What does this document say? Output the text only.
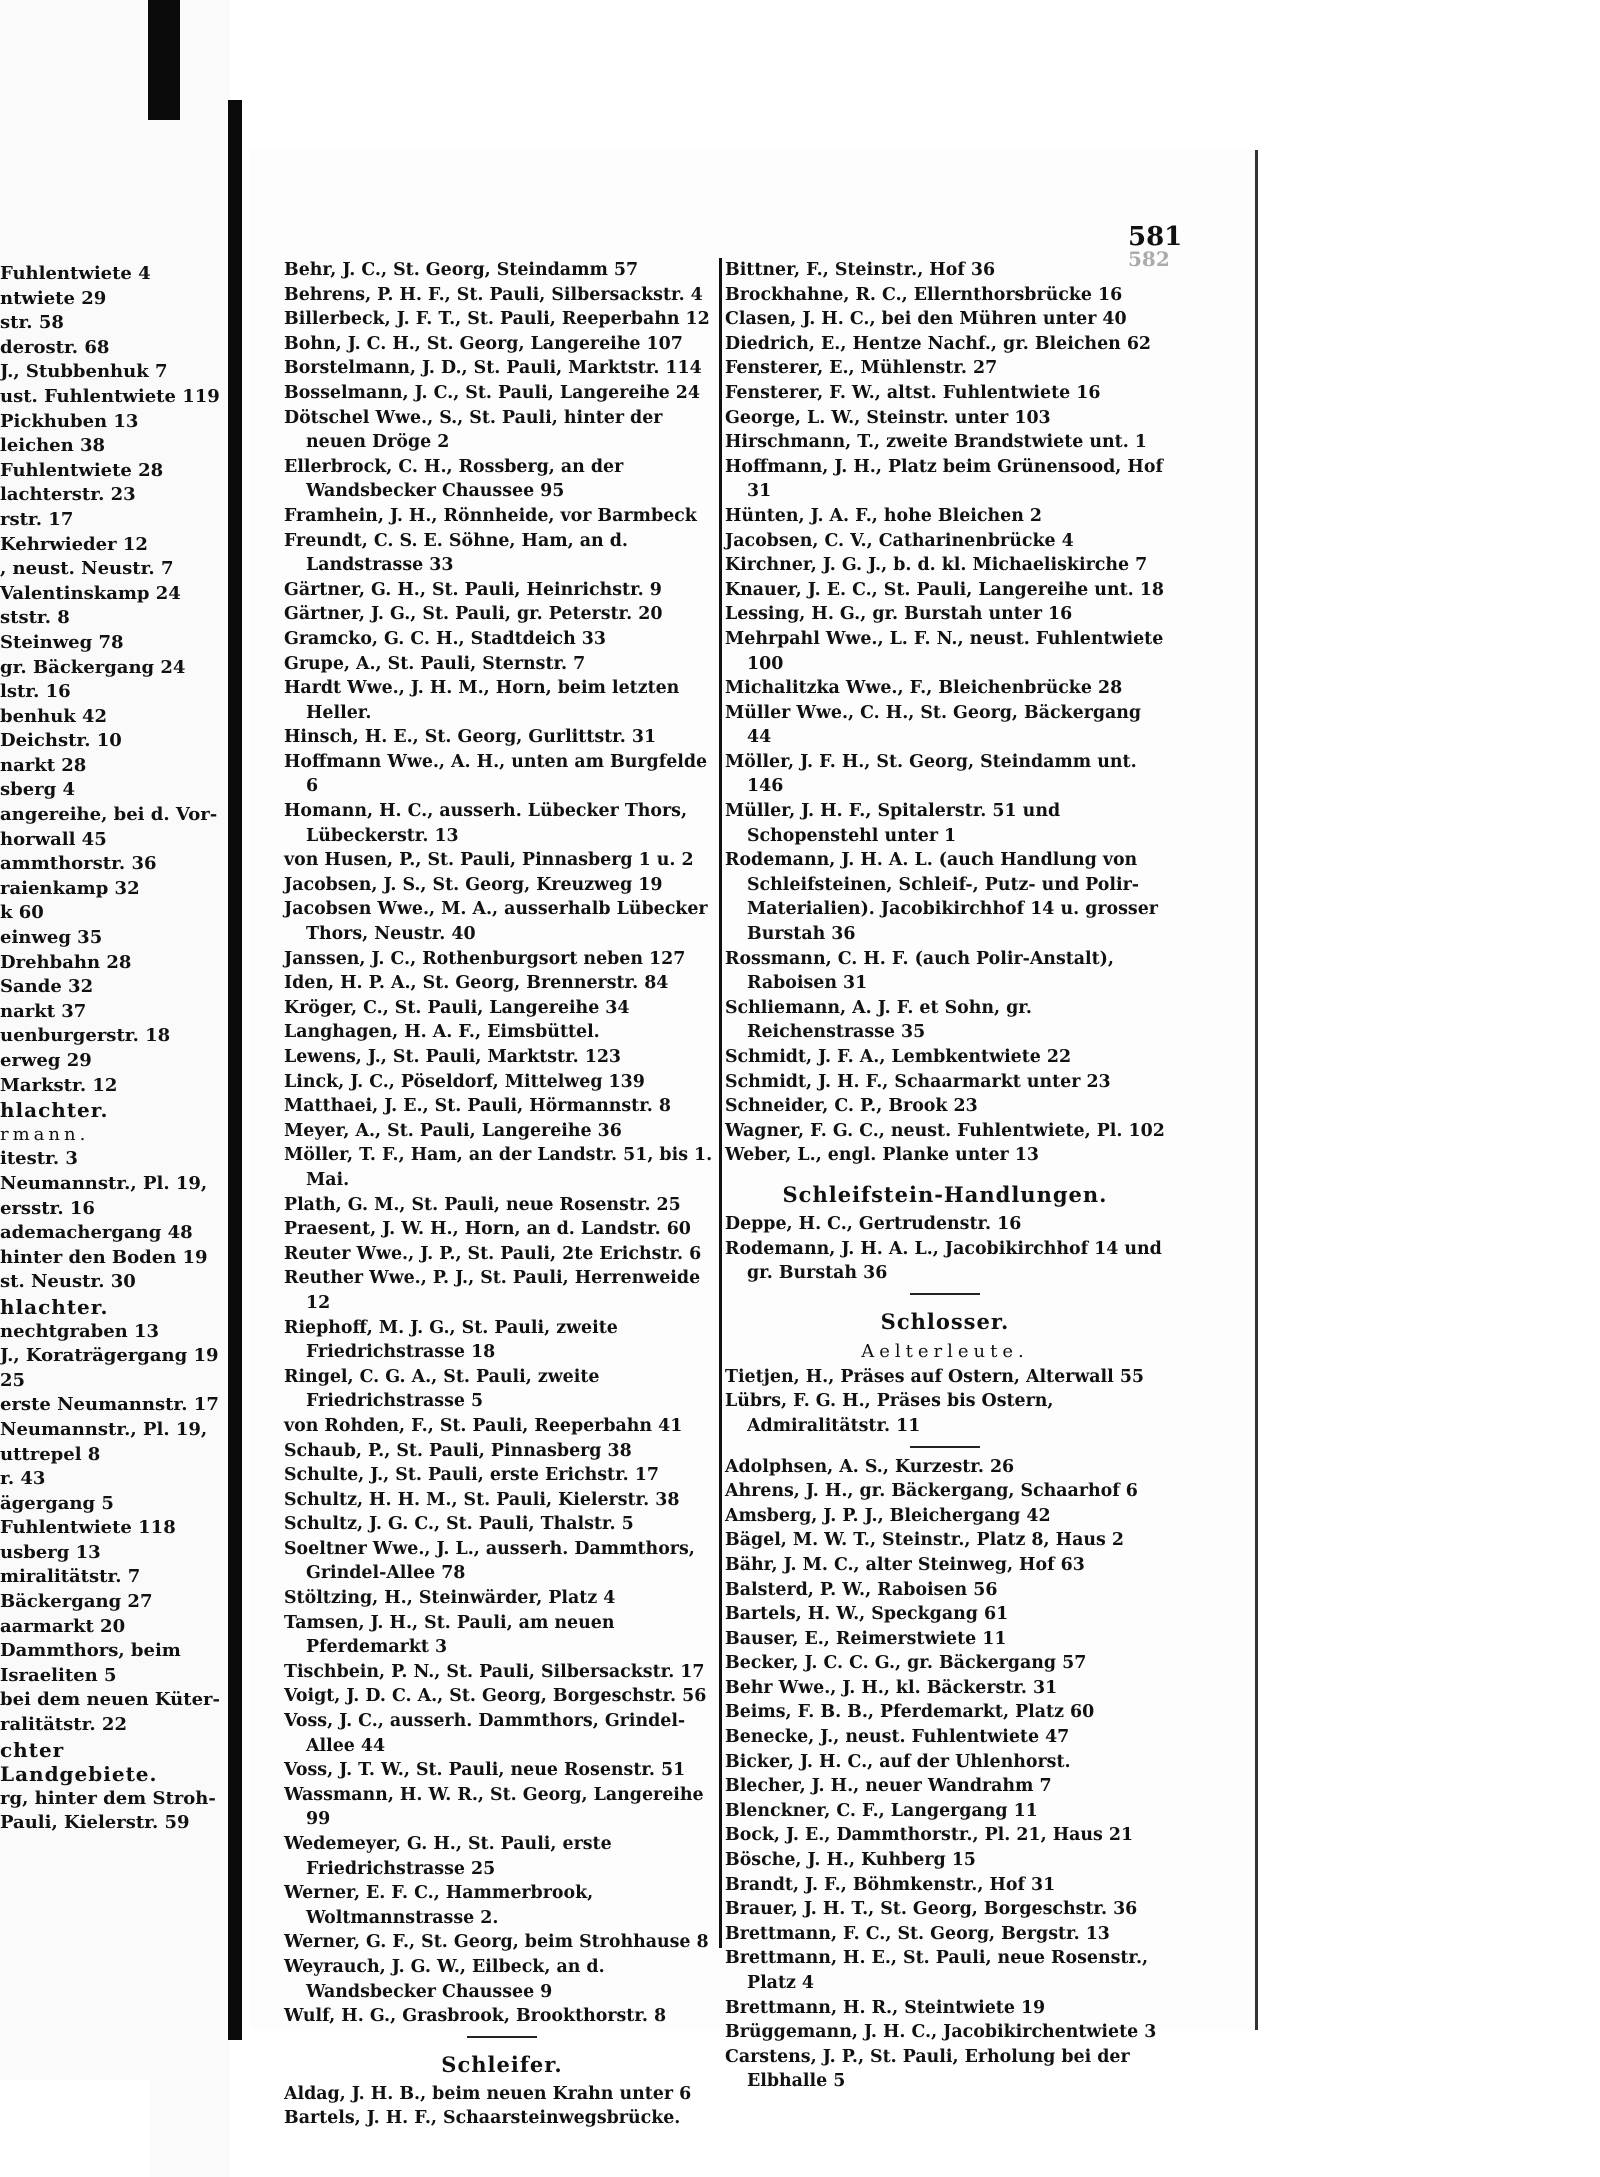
Fuhlentwiete 4
ntwiete 29
str. 58
derostr. 68
J., Stubbenhuk 7
ust. Fuhlentwiete 119
Pickhuben 13
leichen 38
Fuhlentwiete 28
lachterstr. 23
rstr. 17
Kehrwieder 12
, neust. Neustr. 7
Valentinskamp 24
ststr. 8
Steinweg 78
gr. Bäckergang 24
lstr. 16
benhuk 42
Deichstr. 10
narkt 28
sberg 4
angereihe, bei d. Vor-
horwall 45
ammthorstr. 36
raienkamp 32
k 60
einweg 35
Drehbahn 28
Sande 32
narkt 37
uenburgerstr. 18
erweg 29
Markstr. 12
hlachter.
rmann.
itestr. 3
Neumannstr., Pl. 19,
ersstr. 16
ademachergang 48
hinter den Boden 19
st. Neustr. 30
hlachter.
nechtgraben 13
J., Koraträgergang 19
25
erste Neumannstr. 17
Neumannstr., Pl. 19,
uttrepel 8
r. 43
ägergang 5
Fuhlentwiete 118
usberg 13
miralitätstr. 7
Bäckergang 27
aarmarkt 20
Dammthors, beim
Israeliten 5
bei dem neuen Küter-
ralitätstr. 22
chter
Landgebiete.
rg, hinter dem Stroh-
Pauli, Kielerstr. 59
581
582
Behr, J. C., St. Georg, Steindamm 57
Behrens, P. H. F., St. Pauli, Silbersackstr. 4
Billerbeck, J. F. T., St. Pauli, Reeperbahn 12
Bohn, J. C. H., St. Georg, Langereihe 107
Borstelmann, J. D., St. Pauli, Marktstr. 114
Bosselmann, J. C., St. Pauli, Langereihe 24
Dötschel Wwe., S., St. Pauli, hinter der neuen Dröge 2
Ellerbrock, C. H., Rossberg, an der Wandsbecker Chaussee 95
Framhein, J. H., Rönnheide, vor Barmbeck
Freundt, C. S. E. Söhne, Ham, an d. Landstrasse 33
Gärtner, G. H., St. Pauli, Heinrichstr. 9
Gärtner, J. G., St. Pauli, gr. Peterstr. 20
Gramcko, G. C. H., Stadtdeich 33
Grupe, A., St. Pauli, Sternstr. 7
Hardt Wwe., J. H. M., Horn, beim letzten Heller.
Hinsch, H. E., St. Georg, Gurlittstr. 31
Hoffmann Wwe., A. H., unten am Burgfelde 6
Homann, H. C., ausserh. Lübecker Thors, Lübeckerstr. 13
von Husen, P., St. Pauli, Pinnasberg 1 u. 2
Jacobsen, J. S., St. Georg, Kreuzweg 19
Jacobsen Wwe., M. A., ausserhalb Lübecker Thors, Neustr. 40
Janssen, J. C., Rothenburgsort neben 127
Iden, H. P. A., St. Georg, Brennerstr. 84
Kröger, C., St. Pauli, Langereihe 34
Langhagen, H. A. F., Eimsbüttel.
Lewens, J., St. Pauli, Marktstr. 123
Linck, J. C., Pöseldorf, Mittelweg 139
Matthaei, J. E., St. Pauli, Hörmannstr. 8
Meyer, A., St. Pauli, Langereihe 36
Möller, T. F., Ham, an der Landstr. 51, bis 1. Mai.
Plath, G. M., St. Pauli, neue Rosenstr. 25
Praesent, J. W. H., Horn, an d. Landstr. 60
Reuter Wwe., J. P., St. Pauli, 2te Erichstr. 6
Reuther Wwe., P. J., St. Pauli, Herrenweide 12
Riephoff, M. J. G., St. Pauli, zweite Friedrichstrasse 18
Ringel, C. G. A., St. Pauli, zweite Friedrichstrasse 5
von Rohden, F., St. Pauli, Reeperbahn 41
Schaub, P., St. Pauli, Pinnasberg 38
Schulte, J., St. Pauli, erste Erichstr. 17
Schultz, H. H. M., St. Pauli, Kielerstr. 38
Schultz, J. G. C., St. Pauli, Thalstr. 5
Soeltner Wwe., J. L., ausserh. Dammthors, Grindel-Allee 78
Stöltzing, H., Steinwärder, Platz 4
Tamsen, J. H., St. Pauli, am neuen Pferdemarkt 3
Tischbein, P. N., St. Pauli, Silbersackstr. 17
Voigt, J. D. C. A., St. Georg, Borgeschstr. 56
Voss, J. C., ausserh. Dammthors, Grindel-Allee 44
Voss, J. T. W., St. Pauli, neue Rosenstr. 51
Wassmann, H. W. R., St. Georg, Langereihe 99
Wedemeyer, G. H., St. Pauli, erste Friedrichstrasse 25
Werner, E. F. C., Hammerbrook, Woltmannstrasse 2.
Werner, G. F., St. Georg, beim Strohhause 8
Weyrauch, J. G. W., Eilbeck, an d. Wandsbecker Chaussee 9
Wulf, H. G., Grasbrook, Brookthorstr. 8
Schleifer.
Aldag, J. H. B., beim neuen Krahn unter 6
Bartels, J. H. F., Schaarsteinwegsbrücke.
Bittner, F., Steinstr., Hof 36
Brockhahne, R. C., Ellernthorsbrücke 16
Clasen, J. H. C., bei den Mühren unter 40
Diedrich, E., Hentze Nachf., gr. Bleichen 62
Fensterer, E., Mühlenstr. 27
Fensterer, F. W., altst. Fuhlentwiete 16
George, L. W., Steinstr. unter 103
Hirschmann, T., zweite Brandstwiete unt. 1
Hoffmann, J. H., Platz beim Grünensood, Hof 31
Hünten, J. A. F., hohe Bleichen 2
Jacobsen, C. V., Catharinenbrücke 4
Kirchner, J. G. J., b. d. kl. Michaeliskirche 7
Knauer, J. E. C., St. Pauli, Langereihe unt. 18
Lessing, H. G., gr. Burstah unter 16
Mehrpahl Wwe., L. F. N., neust. Fuhlentwiete 100
Michalitzka Wwe., F., Bleichenbrücke 28
Müller Wwe., C. H., St. Georg, Bäckergang 44
Möller, J. F. H., St. Georg, Steindamm unt. 146
Müller, J. H. F., Spitalerstr. 51 und Schopenstehl unter 1
Rodemann, J. H. A. L. (auch Handlung von Schleifsteinen, Schleif-, Putz- und Polir-Materialien). Jacobikirchhof 14 u. grosser Burstah 36
Rossmann, C. H. F. (auch Polir-Anstalt), Raboisen 31
Schliemann, A. J. F. et Sohn, gr. Reichenstrasse 35
Schmidt, J. F. A., Lembkentwiete 22
Schmidt, J. H. F., Schaarmarkt unter 23
Schneider, C. P., Brook 23
Wagner, F. G. C., neust. Fuhlentwiete, Pl. 102
Weber, L., engl. Planke unter 13
Schleifstein-Handlungen.
Deppe, H. C., Gertrudenstr. 16
Rodemann, J. H. A. L., Jacobikirchhof 14 und gr. Burstah 36
Schlosser.
Aelterleute.
Tietjen, H., Präses auf Ostern, Alterwall 55
Lübrs, F. G. H., Präses bis Ostern, Admiralitätstr. 11
Adolphsen, A. S., Kurzestr. 26
Ahrens, J. H., gr. Bäckergang, Schaarhof 6
Amsberg, J. P. J., Bleichergang 42
Bägel, M. W. T., Steinstr., Platz 8, Haus 2
Bähr, J. M. C., alter Steinweg, Hof 63
Balsterd, P. W., Raboisen 56
Bartels, H. W., Speckgang 61
Bauser, E., Reimerstwiete 11
Becker, J. C. C. G., gr. Bäckergang 57
Behr Wwe., J. H., kl. Bäckerstr. 31
Beims, F. B. B., Pferdemarkt, Platz 60
Benecke, J., neust. Fuhlentwiete 47
Bicker, J. H. C., auf der Uhlenhorst.
Blecher, J. H., neuer Wandrahm 7
Blenckner, C. F., Langergang 11
Bock, J. E., Dammthorstr., Pl. 21, Haus 21
Bösche, J. H., Kuhberg 15
Brandt, J. F., Böhmkenstr., Hof 31
Brauer, J. H. T., St. Georg, Borgeschstr. 36
Brettmann, F. C., St. Georg, Bergstr. 13
Brettmann, H. E., St. Pauli, neue Rosenstr., Platz 4
Brettmann, H. R., Steintwiete 19
Brüggemann, J. H. C., Jacobikirchentwiete 3
Carstens, J. P., St. Pauli, Erholung bei der Elbhalle 5
